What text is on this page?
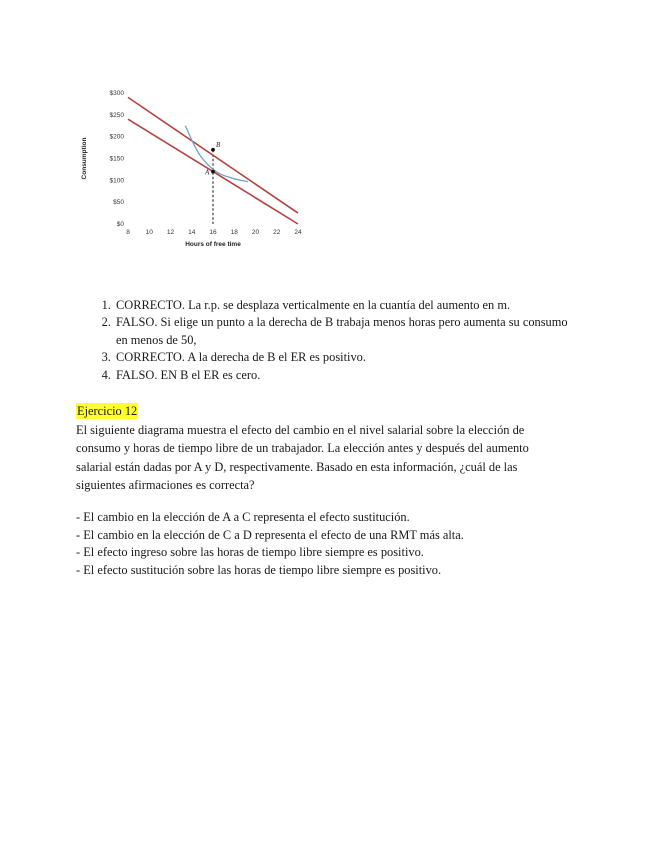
$0
$50
$100
$150
$200
$250
$300
8 10 12 14 16 18 20 22 24
Hours of free time
Consumption	A
B
1. CORRECTO. La r.p. se desplaza verticalmente en la cuantía del aumento en m.
2. FALSO. Si elige un punto a la derecha de B trabaja menos horas pero aumenta su consumo en menos de 50,
3. CORRECTO. A la derecha de B el ER es positivo.
4. FALSO. EN B el ER es cero.
Ejercicio 12

El siguiente diagrama muestra el efecto del cambio en el nivel salarial sobre la elección de consumo y horas de tiempo libre de un trabajador. La elección antes y después del aumento salarial están dadas por A y D, respectivamente. Basado en esta información, ¿cuál de las siguientes afirmaciones es correcta?

- El cambio en la elección de A a C representa el efecto sustitución.
- El cambio en la elección de C a D representa el efecto de una RMT más alta.
- El efecto ingreso sobre las horas de tiempo libre siempre es positivo.
- El efecto sustitución sobre las horas de tiempo libre siempre es positivo.
